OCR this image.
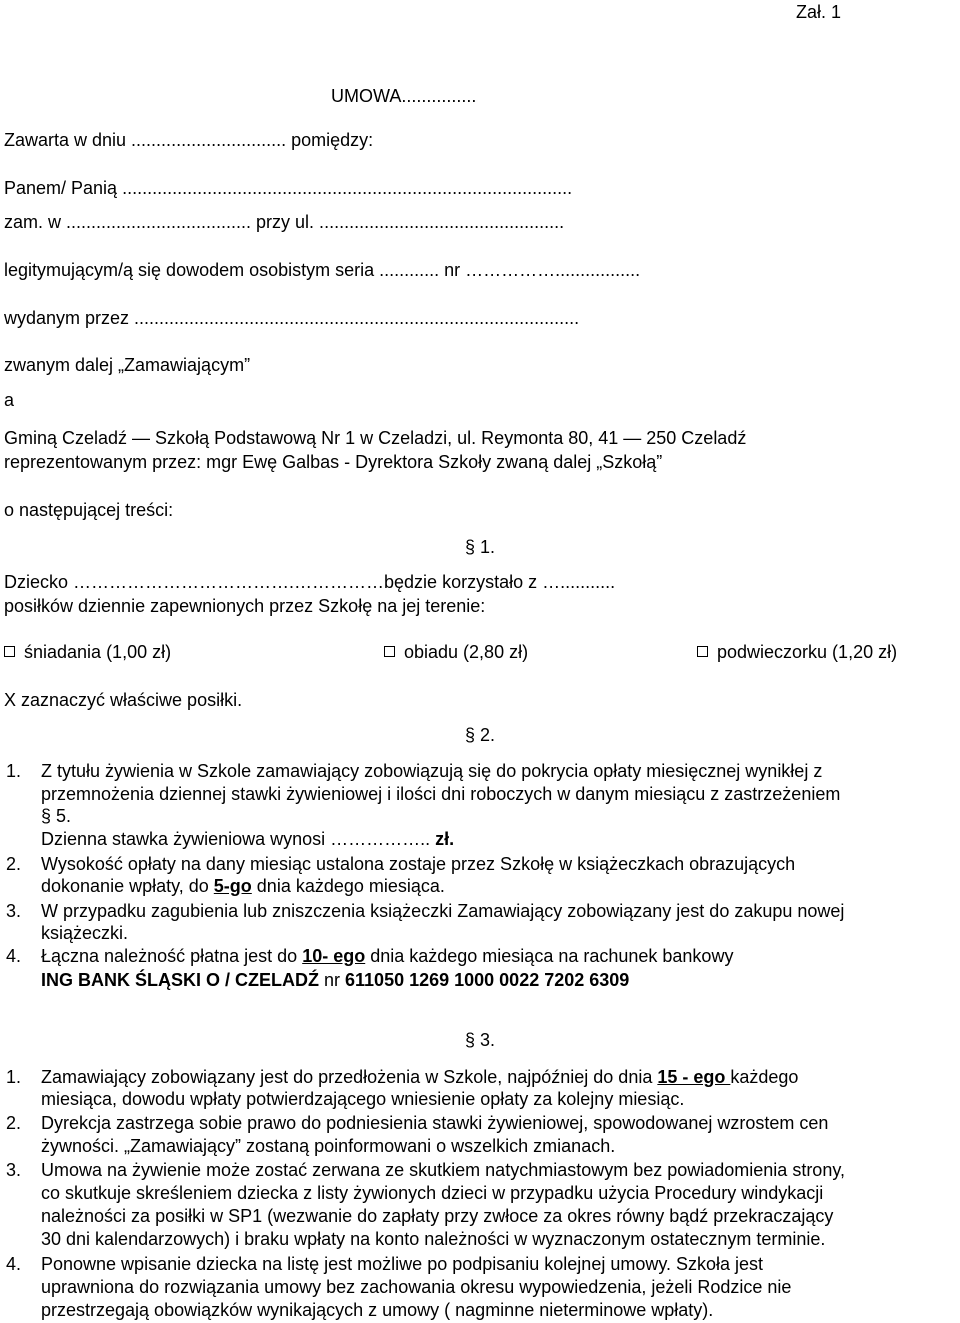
Zał. 1
UMOWA...............
Zawarta w dniu ............................... pomiędzy:
Panem/ Panią ..........................................................................................
zam. w ..................................... przy ul. .................................................
legitymującym/ą się dowodem osobistym seria ............ nr …………….................
wydanym przez .........................................................................................
zwanym dalej „Zamawiającym”
a
Gminą Czeladź — Szkołą Podstawową Nr 1 w Czeladzi, ul. Reymonta 80, 41 — 250 Czeladź
reprezentowanym przez: mgr Ewę Galbas - Dyrektora Szkoły zwaną dalej „Szkołą”
o następującej treści:
§ 1.
Dziecko ……………………………….……………będzie korzystało z …...........
posiłków dziennie zapewnionych przez Szkołę na jej terenie:
śniadania (1,00 zł)	obiadu (2,80 zł)	podwieczorku (1,20 zł)
X zaznaczyć właściwe posiłki.
§ 2.
1. Z tytułu żywienia w Szkole zamawiający zobowiązują się do pokrycia opłaty miesięcznej wynikłej z
przemnożenia dziennej stawki żywieniowej i ilości dni roboczych w danym miesiącu z zastrzeżeniem
§ 5.
Dzienna stawka żywieniowa wynosi …………….. zł.
2. Wysokość opłaty na dany miesiąc ustalona zostaje przez Szkołę w książeczkach obrazujących
dokonanie wpłaty, do 5-go dnia każdego miesiąca.
3. W przypadku zagubienia lub zniszczenia książeczki Zamawiający zobowiązany jest do zakupu nowej
książeczki.
4. Łączna należność płatna jest do 10- ego dnia każdego miesiąca na rachunek bankowy
ING BANK ŚLĄSKI O / CZELADŹ nr 611050 1269 1000 0022 7202 6309
§ 3.
1. Zamawiający zobowiązany jest do przedłożenia w Szkole, najpóźniej do dnia 15 - ego każdego
miesiąca, dowodu wpłaty potwierdzającego wniesienie opłaty za kolejny miesiąc.
2. Dyrekcja zastrzega sobie prawo do podniesienia stawki żywieniowej, spowodowanej wzrostem cen
żywności. „Zamawiający” zostaną poinformowani o wszelkich zmianach.
3. Umowa na żywienie może zostać zerwana ze skutkiem natychmiastowym bez powiadomienia strony,
co skutkuje skreśleniem dziecka z listy żywionych dzieci w przypadku użycia Procedury windykacji
należności za posiłki w SP1 (wezwanie do zapłaty przy zwłoce za okres równy bądź przekraczający
30 dni kalendarzowych) i braku wpłaty na konto należności w wyznaczonym ostatecznym terminie.
4. Ponowne wpisanie dziecka na listę jest możliwe po podpisaniu kolejnej umowy. Szkoła jest
uprawniona do rozwiązania umowy bez zachowania okresu wypowiedzenia, jeżeli Rodzice nie
przestrzegają obowiązków wynikających z umowy ( nagminne nieterminowe wpłaty).
